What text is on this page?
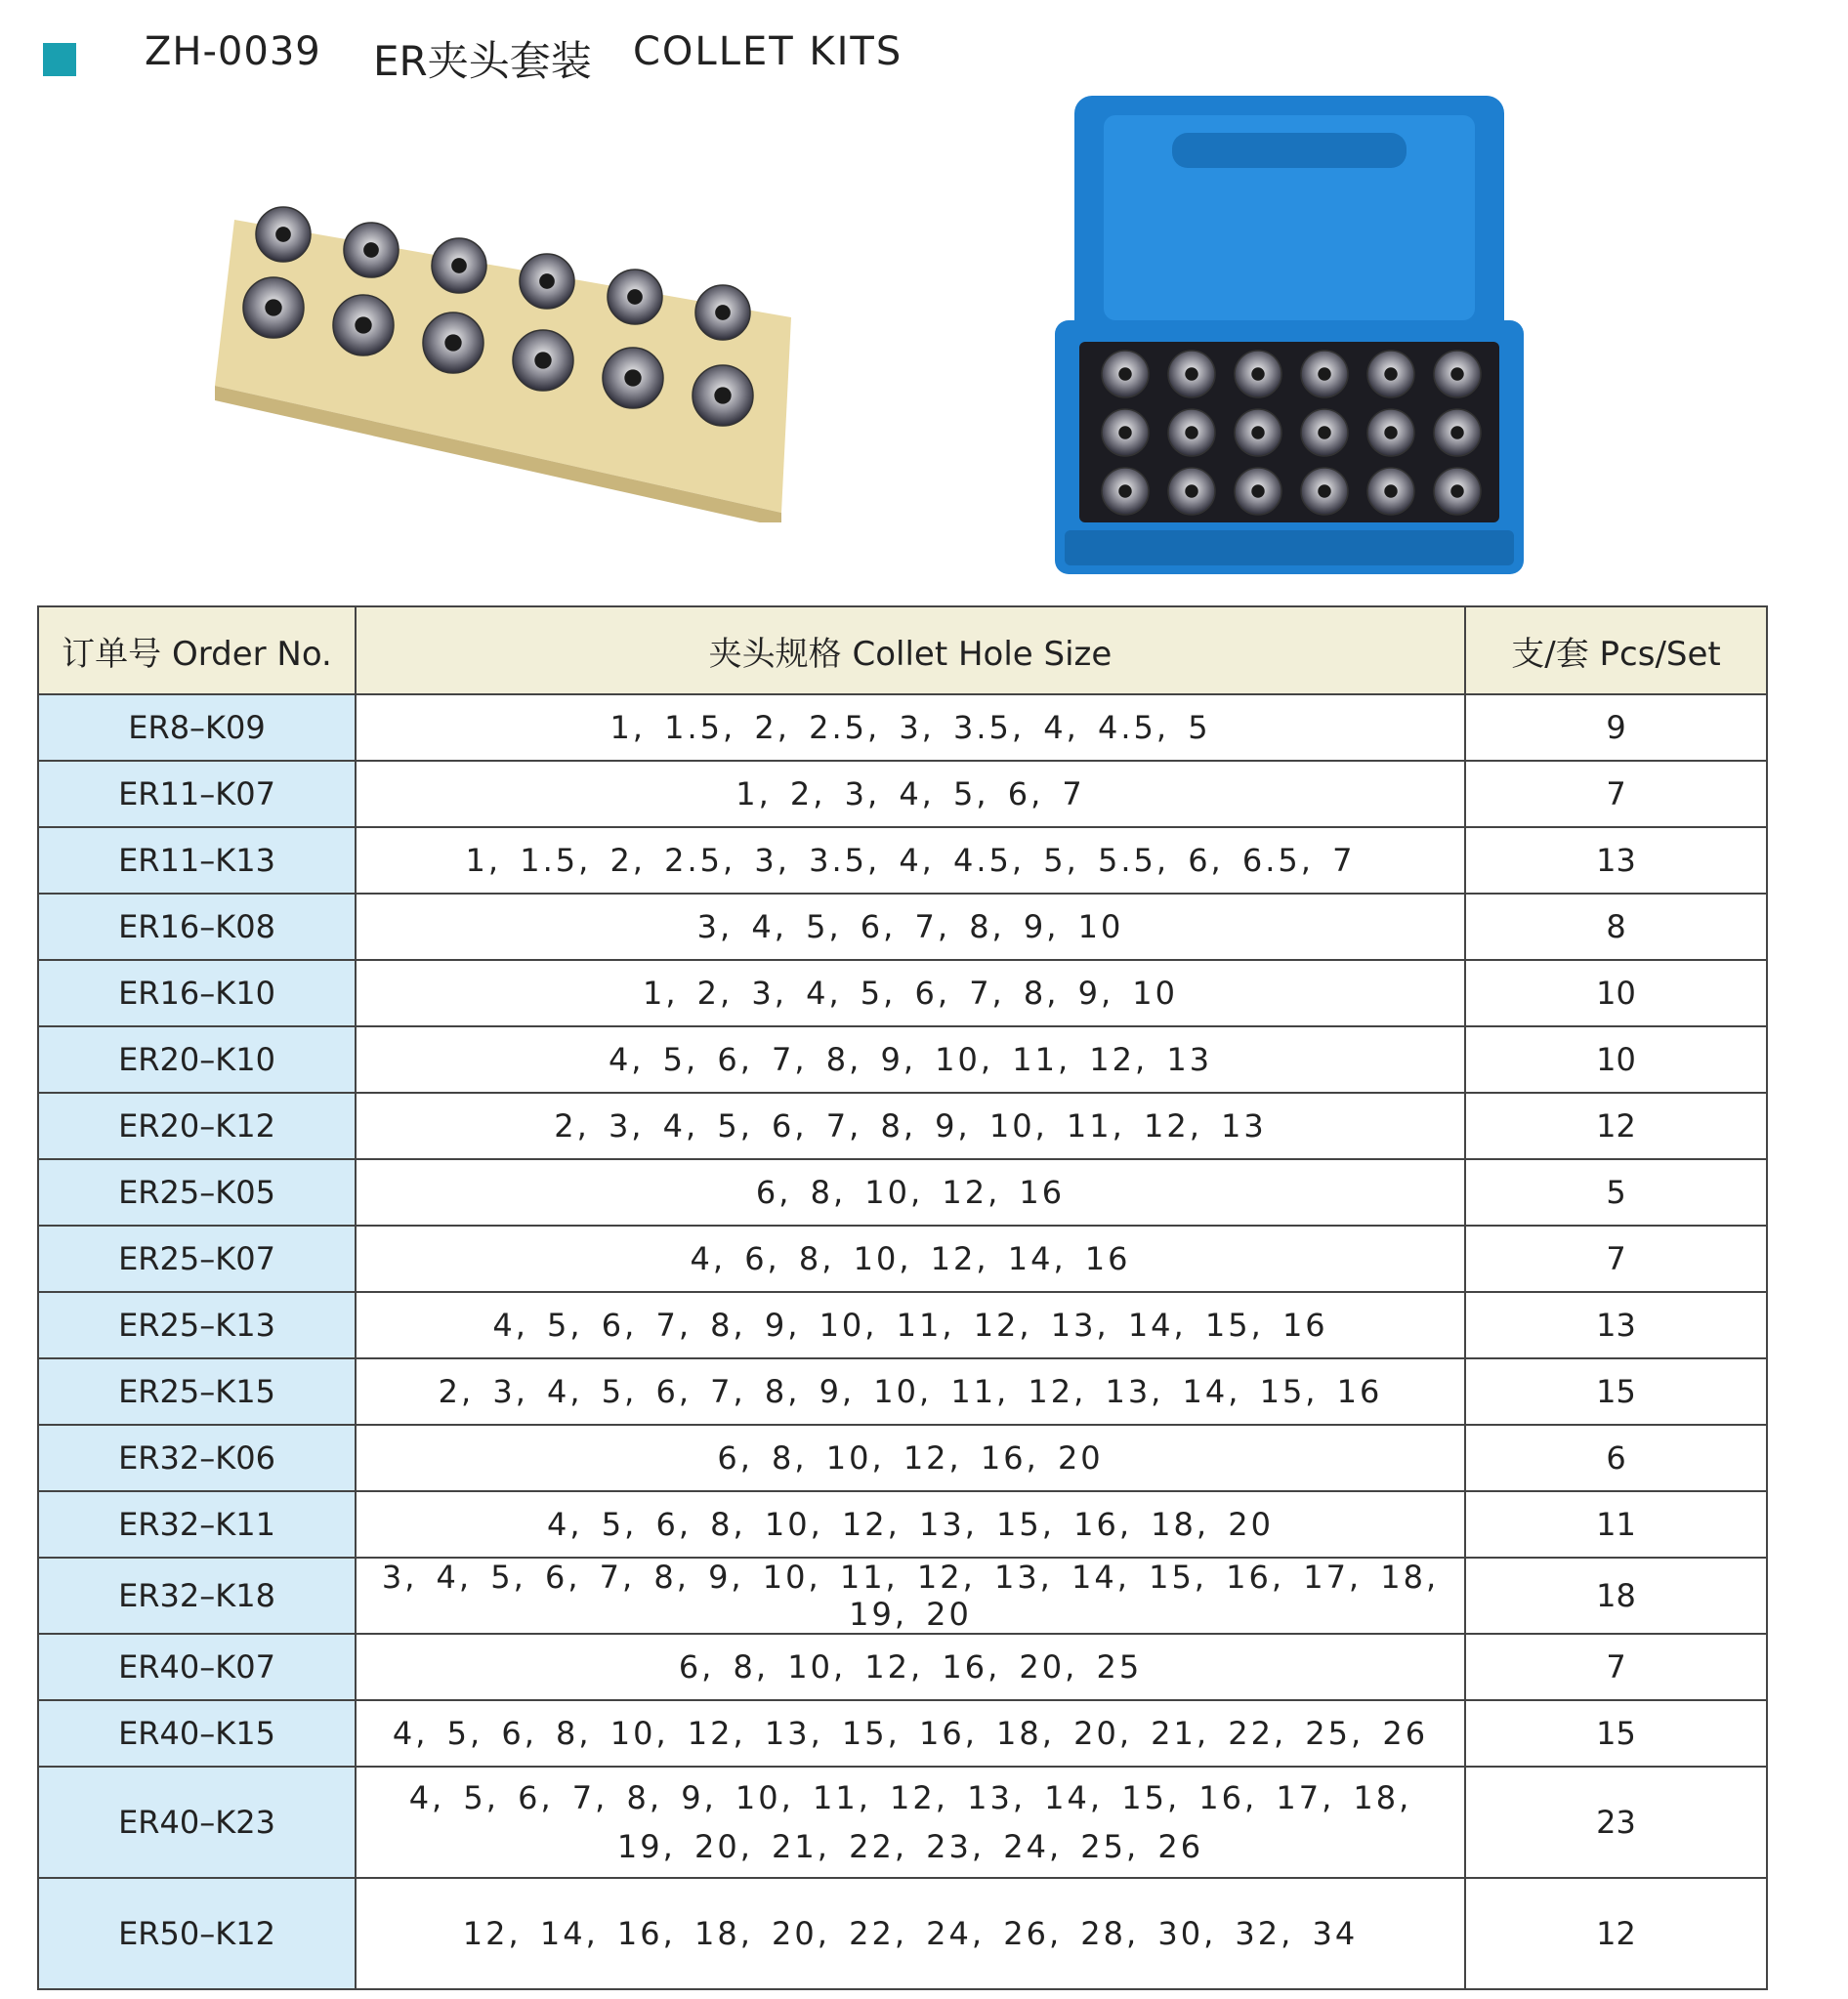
ZH-0039 ER夹头套装 COLLET KITS
订单号 Order No.	夹头规格 Collet Hole Size	支/套 Pcs/Set
ER8–K09	1, 1.5, 2, 2.5, 3, 3.5, 4, 4.5, 5	9
ER11–K07	1, 2, 3, 4, 5, 6, 7	7
ER11–K13	1, 1.5, 2, 2.5, 3, 3.5, 4, 4.5, 5, 5.5, 6, 6.5, 7	13
ER16–K08	3, 4, 5, 6, 7, 8, 9, 10	8
ER16–K10	1, 2, 3, 4, 5, 6, 7, 8, 9, 10	10
ER20–K10	4, 5, 6, 7, 8, 9, 10, 11, 12, 13	10
ER20–K12	2, 3, 4, 5, 6, 7, 8, 9, 10, 11, 12, 13	12
ER25–K05	6, 8, 10, 12, 16	5
ER25–K07	4, 6, 8, 10, 12, 14, 16	7
ER25–K13	4, 5, 6, 7, 8, 9, 10, 11, 12, 13, 14, 15, 16	13
ER25–K15	2, 3, 4, 5, 6, 7, 8, 9, 10, 11, 12, 13, 14, 15, 16	15
ER32–K06	6, 8, 10, 12, 16, 20	6
ER32–K11	4, 5, 6, 8, 10, 12, 13, 15, 16, 18, 20	11
ER32–K18	3, 4, 5, 6, 7, 8, 9, 10, 11, 12, 13, 14, 15, 16, 17, 18, 19, 20	18
ER40–K07	6, 8, 10, 12, 16, 20, 25	7
ER40–K15	4, 5, 6, 8, 10, 12, 13, 15, 16, 18, 20, 21, 22, 25, 26	15
ER40–K23	4, 5, 6, 7, 8, 9, 10, 11, 12, 13, 14, 15, 16, 17, 18, 19, 20, 21, 22, 23, 24, 25, 26	23
ER50–K12	12, 14, 16, 18, 20, 22, 24, 26, 28, 30, 32, 34	12
